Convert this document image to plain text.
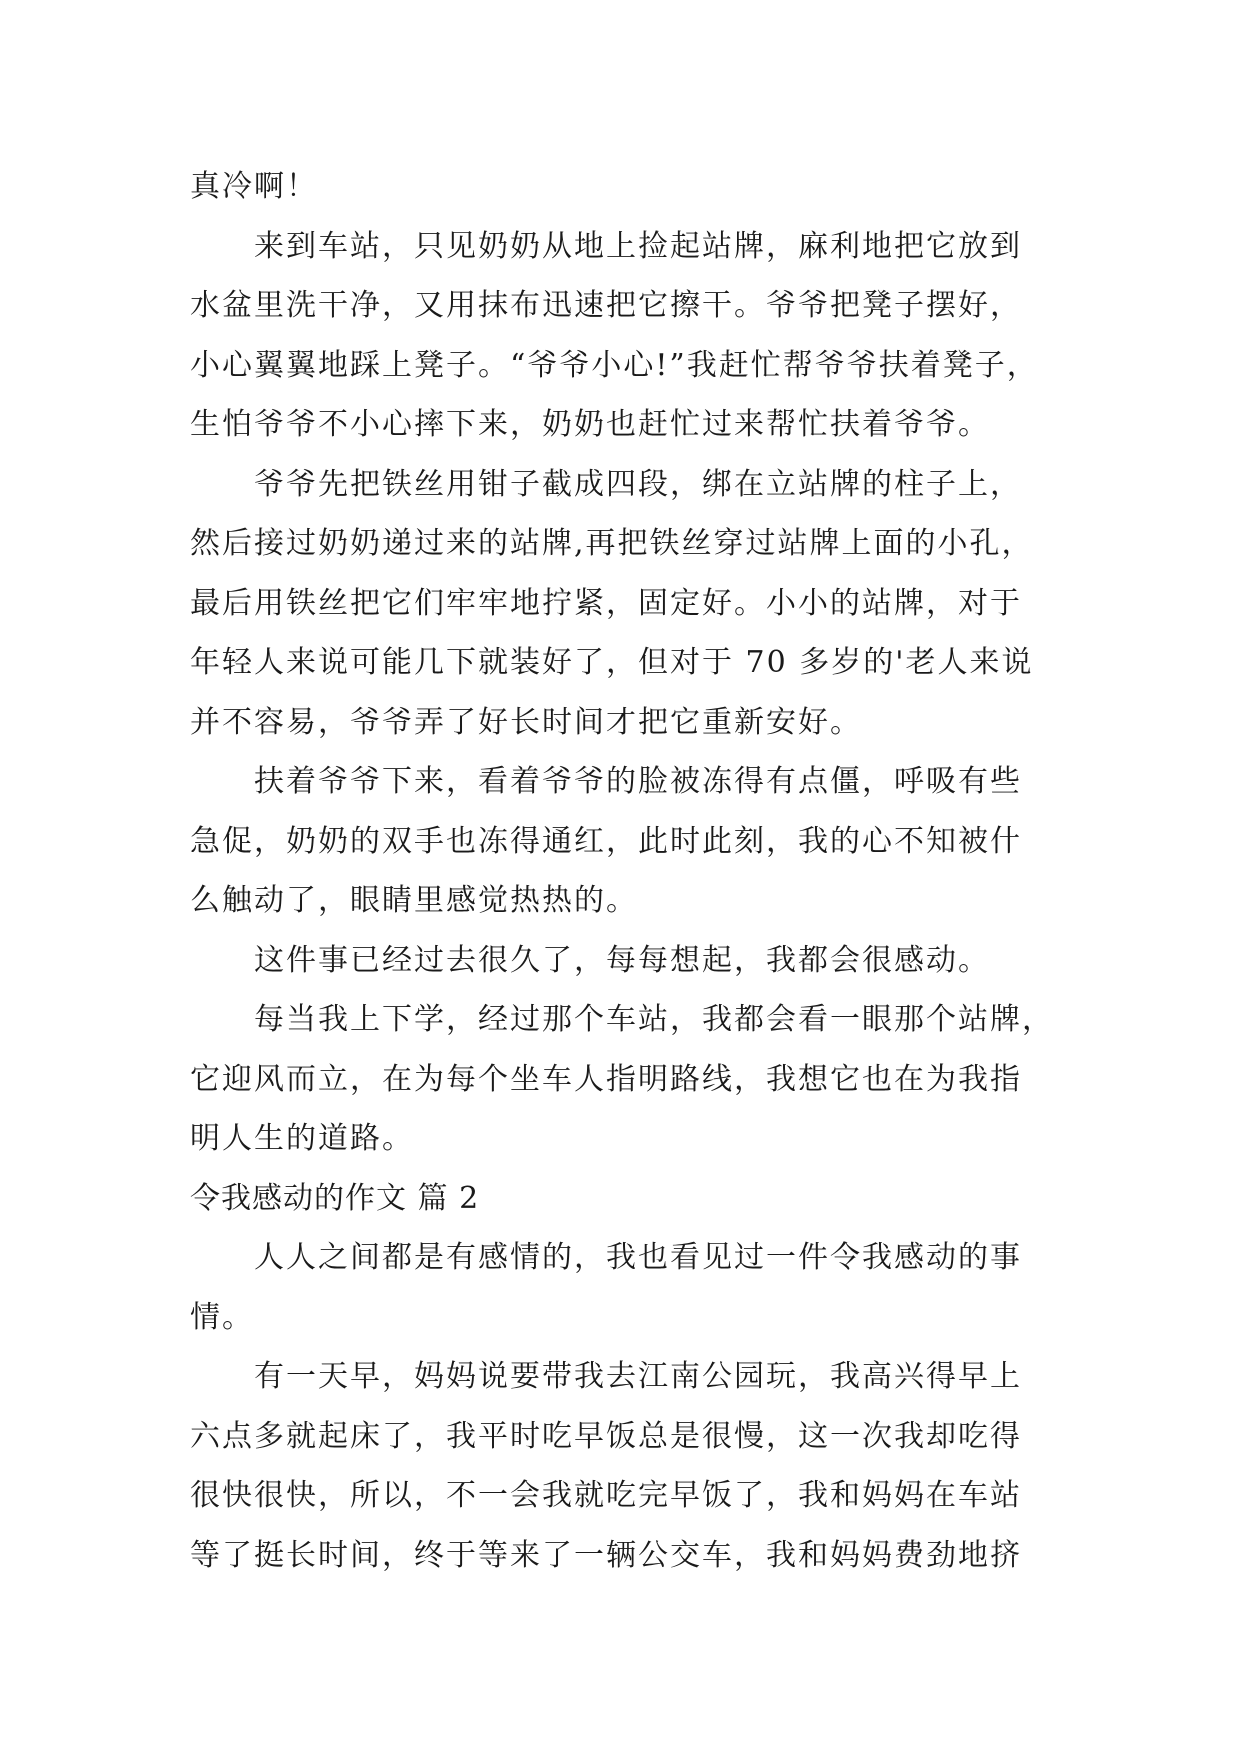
真冷啊！
来到车站，只见奶奶从地上捡起站牌，麻利地把它放到
水盆里洗干净，又用抹布迅速把它擦干。爷爷把凳子摆好，
小心翼翼地踩上凳子。“爷爷小心!”我赶忙帮爷爷扶着凳子，
生怕爷爷不小心摔下来，奶奶也赶忙过来帮忙扶着爷爷。
爷爷先把铁丝用钳子截成四段，绑在立站牌的柱子上，
然后接过奶奶递过来的站牌,再把铁丝穿过站牌上面的小孔，
最后用铁丝把它们牢牢地拧紧，固定好。小小的站牌，对于
年轻人来说可能几下就装好了，但对于 70 多岁的'老人来说
并不容易，爷爷弄了好长时间才把它重新安好。
扶着爷爷下来，看着爷爷的脸被冻得有点僵，呼吸有些
急促，奶奶的双手也冻得通红，此时此刻，我的心不知被什
么触动了，眼睛里感觉热热的。
这件事已经过去很久了，每每想起，我都会很感动。
每当我上下学，经过那个车站，我都会看一眼那个站牌，
它迎风而立，在为每个坐车人指明路线，我想它也在为我指
明人生的道路。
令我感动的作文 篇 2
人人之间都是有感情的，我也看见过一件令我感动的事
情。
有一天早，妈妈说要带我去江南公园玩，我高兴得早上
六点多就起床了，我平时吃早饭总是很慢，这一次我却吃得
很快很快，所以，不一会我就吃完早饭了，我和妈妈在车站
等了挺长时间，终于等来了一辆公交车，我和妈妈费劲地挤
